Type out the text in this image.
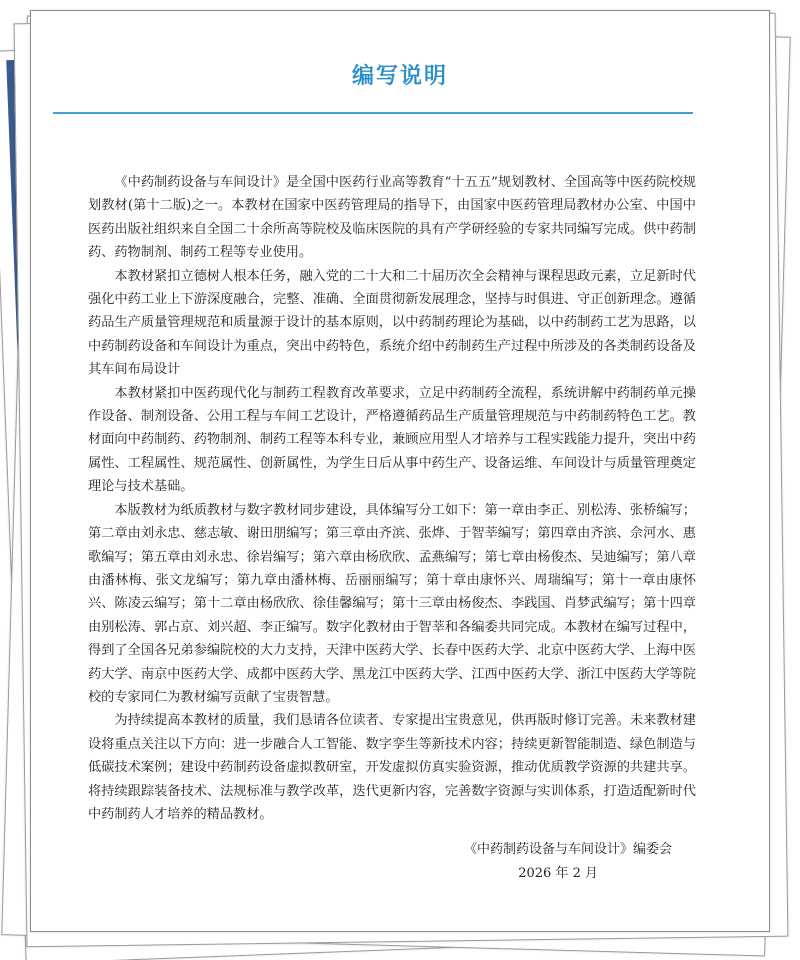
编写说明

《中药制药设备与车间设计》是全国中医药行业高等教育“十五五”规划教材、全国高等中医药院校规划教材(第十二版)之一。本教材在国家中医药管理局的指导下，由国家中医药管理局教材办公室、中国中医药出版社组织来自全国二十余所高等院校及临床医院的具有产学研经验的专家共同编写完成。供中药制药、药物制剂、制药工程等专业使用。

本教材紧扣立德树人根本任务，融入党的二十大和二十届历次全会精神与课程思政元素，立足新时代强化中药工业上下游深度融合，完整、准确、全面贯彻新发展理念，坚持与时俱进、守正创新理念。遵循药品生产质量管理规范和质量源于设计的基本原则，以中药制药理论为基础，以中药制药工艺为思路，以中药制药设备和车间设计为重点，突出中药特色，系统介绍中药制药生产过程中所涉及的各类制药设备及其车间布局设计

本教材紧扣中医药现代化与制药工程教育改革要求，立足中药制药全流程，系统讲解中药制药单元操作设备、制剂设备、公用工程与车间工艺设计，严格遵循药品生产质量管理规范与中药制药特色工艺。教材面向中药制药、药物制剂、制药工程等本科专业，兼顾应用型人才培养与工程实践能力提升，突出中药属性、工程属性、规范属性、创新属性，为学生日后从事中药生产、设备运维、车间设计与质量管理奠定理论与技术基础。

本版教材为纸质教材与数字教材同步建设，具体编写分工如下：第一章由李正、别松涛、张桥编写；第二章由刘永忠、慈志敏、谢田朋编写；第三章由齐滨、张烨、于智莘编写；第四章由齐滨、佘河水、惠歌编写；第五章由刘永忠、徐岩编写；第六章由杨欣欣、孟燕编写；第七章由杨俊杰、吴迪编写；第八章由潘林梅、张文龙编写；第九章由潘林梅、岳丽丽编写；第十章由康怀兴、周瑞编写；第十一章由康怀兴、陈凌云编写；第十二章由杨欣欣、徐佳馨编写；第十三章由杨俊杰、李践国、肖梦武编写；第十四章由别松涛、郭占京、刘兴超、李正编写。数字化教材由于智莘和各编委共同完成。本教材在编写过程中，得到了全国各兄弟参编院校的大力支持，天津中医药大学、长春中医药大学、北京中医药大学、上海中医药大学、南京中医药大学、成都中医药大学、黑龙江中医药大学、江西中医药大学、浙江中医药大学等院校的专家同仁为教材编写贡献了宝贵智慧。

为持续提高本教材的质量，我们恳请各位读者、专家提出宝贵意见，供再版时修订完善。未来教材建设将重点关注以下方向：进一步融合人工智能、数字孪生等新技术内容；持续更新智能制造、绿色制造与低碳技术案例；建设中药制药设备虚拟教研室，开发虚拟仿真实验资源，推动优质教学资源的共建共享。将持续跟踪装备技术、法规标准与教学改革，迭代更新内容，完善数字资源与实训体系，打造适配新时代中药制药人才培养的精品教材。

《中药制药设备与车间设计》编委会
2026 年 2 月
